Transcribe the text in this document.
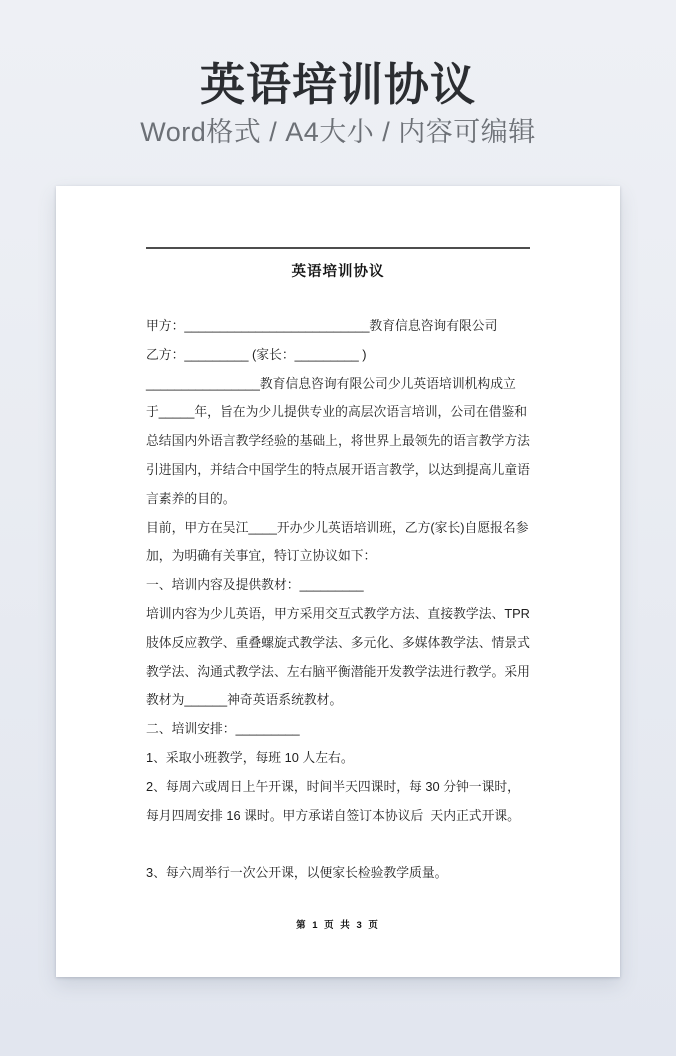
英语培训协议
Word格式 / A4大小 / 内容可编辑
英语培训协议
甲方：__________________________教育信息咨询有限公司
乙方：_________ (家长：_________ )
________________教育信息咨询有限公司少儿英语培训机构成立
于_____年，旨在为少儿提供专业的高层次语言培训，公司在借鉴和
总结国内外语言教学经验的基础上，将世界上最领先的语言教学方法
引进国内，并结合中国学生的特点展开语言教学，以达到提高儿童语
言素养的目的。
目前，甲方在吴江____开办少儿英语培训班，乙方(家长)自愿报名参
加，为明确有关事宜，特订立协议如下：
一、培训内容及提供教材：_________
培训内容为少儿英语，甲方采用交互式教学方法、直接教学法、TPR
肢体反应教学、重叠螺旋式教学法、多元化、多媒体教学法、情景式
教学法、沟通式教学法、左右脑平衡潜能开发教学法进行教学。采用
教材为______神奇英语系统教材。
二、培训安排：_________
1、采取小班教学，每班 10 人左右。
2、每周六或周日上午开课，时间半天四课时，每 30 分钟一课时，
每月四周安排 16 课时。甲方承诺自签订本协议后  天内正式开课。
3、每六周举行一次公开课，以便家长检验教学质量。
第 1 页 共 3 页
